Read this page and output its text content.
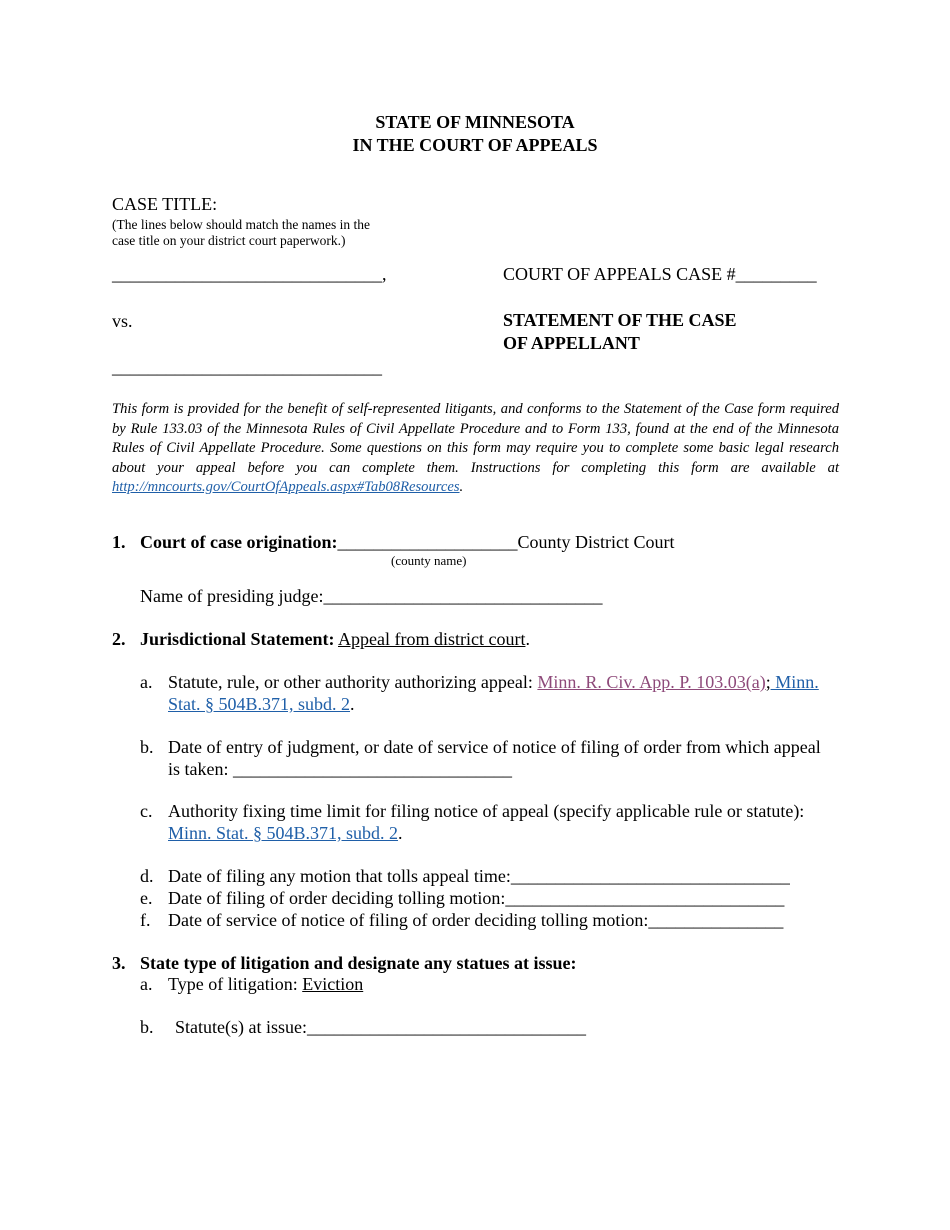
STATE OF MINNESOTA
IN THE COURT OF APPEALS
CASE TITLE:
(The lines below should match the names in the
case title on your district court paperwork.)
______________________________,
vs.
______________________________
COURT OF APPEALS CASE #_________
STATEMENT OF THE CASE
OF APPELLANT
This form is provided for the benefit of self-represented litigants, and conforms to the Statement of the Case form required by Rule 133.03 of the Minnesota Rules of Civil Appellate Procedure and to Form 133, found at the end of the Minnesota Rules of Civil Appellate Procedure. Some questions on this form may require you to complete some basic legal research about your appeal before you can complete them. Instructions for completing this form are available at http://mncourts.gov/CourtOfAppeals.aspx#Tab08Resources.
1. Court of case origination:____________________County District Court
(county name)
Name of presiding judge:_______________________________
2. Jurisdictional Statement: Appeal from district court.
a. Statute, rule, or other authority authorizing appeal: Minn. R. Civ. App. P. 103.03(a); Minn.
Stat. § 504B.371, subd. 2.
b. Date of entry of judgment, or date of service of notice of filing of order from which appeal
is taken: _______________________________
c. Authority fixing time limit for filing notice of appeal (specify applicable rule or statute):
Minn. Stat. § 504B.371, subd. 2.
d. Date of filing any motion that tolls appeal time:_______________________________
e. Date of filing of order deciding tolling motion:_______________________________
f. Date of service of notice of filing of order deciding tolling motion:_______________
3. State type of litigation and designate any statues at issue:
a. Type of litigation: Eviction
b. Statute(s) at issue:_______________________________
